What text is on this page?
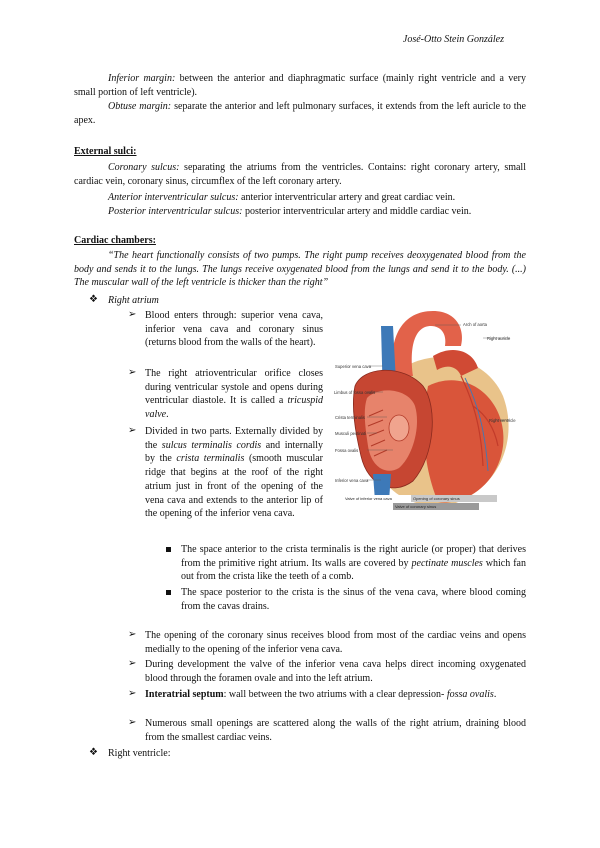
José-Otto Stein González

Inferior margin: between the anterior and diaphragmatic surface (mainly right ventricle and a very small portion of left ventricle).

Obtuse margin: separate the anterior and left pulmonary surfaces, it extends from the left auricle to the apex.

External sulci:

Coronary sulcus: separating the atriums from the ventricles. Contains: right coronary artery, small cardiac vein, coronary sinus, circumflex of the left coronary artery.

Anterior interventricular sulcus: anterior interventricular artery and great cardiac vein.

Posterior interventricular sulcus: posterior interventricular artery and middle cardiac vein.

Cardiac chambers:

“The heart functionally consists of two pumps. The right pump receives deoxygenated blood from the body and sends it to the lungs. The lungs receive oxygenated blood from the lungs and send it to the body. (...) The muscular wall of the left ventricle is thicker than the right”

❖ Right atrium
➢ Blood enters through: superior vena cava, inferior vena cava and coronary sinus (returns blood from the walls of the heart).

➢ The right atrioventricular orifice closes during ventricular systole and opens during ventricular diastole. It is called a tricuspid valve.

➢ Divided in two parts. Externally divided by the sulcus terminalis cordis and internally by the crista terminalis (smooth muscular ridge that begins at the roof of the right atrium just in front of the opening of the vena cava and extends to the anterior lip of the opening of the inferior vena cava.

Arch of aorta
Superior vena cava
Limbus of fossa ovalis
Crista terminalis
Musculi pectinati
Fossa ovalis
Inferior vena cava
Right auricle
Right ventricle
Valve of inferior vena cava	Opening of coronary sinus
Valve of coronary sinus

The space anterior to the crista terminalis is the right auricle (or proper) that derives from the primitive right atrium. Its walls are covered by pectinate muscles which fan out from the crista like the teeth of a comb.

The space posterior to the crista is the sinus of the vena cava, where blood coming from the cavas drains.

➢ The opening of the coronary sinus receives blood from most of the cardiac veins and opens medially to the opening of the inferior vena cava.

➢ During development the valve of the inferior vena cava helps direct incoming oxygenated blood through the foramen ovale and into the left atrium.

➢ Interatrial septum: wall between the two atriums with a clear depression- fossa ovalis.

➢ Numerous small openings are scattered along the walls of the right atrium, draining blood from the smallest cardiac veins.

❖ Right ventricle:
